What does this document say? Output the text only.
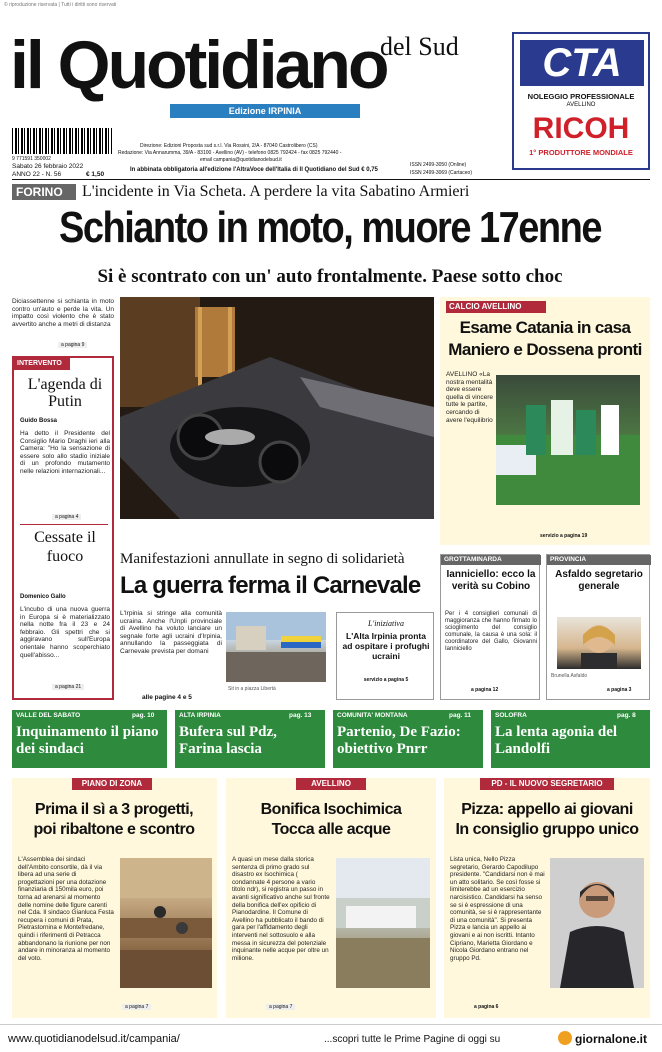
© riproduzione riservata | Tutti i diritti sono riservati
il Quotidiano
del Sud
Edizione IRPINIA
CTA
NOLEGGIO PROFESSIONALE
AVELLINO
RICOH
1° PRODUTTORE MONDIALE
9 771591 350002
Sabato 26 febbraio 2022
ANNO 22 - N. 56	€ 1,50
Direzione: Edizioni Proposta sud s.r.l. Via Rossini, 2/A - 87040 Castrolibero (CS)
Redazione: Via Annarumma, 39/A - 83100 - Avellino (AV) - telefono 0825 792424 - fax 0825 792440 -
email campania@quotidianodelsud.it
In abbinata obbligatoria all'edizione l'AltraVoce dell'Italia di Il Quotidiano del Sud € 0,75
ISSN 2499-3050 (Online)
ISSN 2499-3069 (Cartaceo)
FORINO	L'incidente in Via Scheta. A perdere la vita Sabatino Armieri
Schianto in moto, muore 17enne
Si è scontrato con un' auto frontalmente. Paese sotto choc
Diciassettenne si schianta in moto contro un'auto e perde la vita. Un impatto così violento che è stato avvertito anche a metri di distanza
a pagina 9
INTERVENTO
L'agenda di Putin
Guido Bossa
Ha detto il Presidente del Consiglio Mario Draghi ieri alla Camera: "Ho la sensazione di essere solo allo stadio iniziale di un profondo mutamento nelle relazioni internazionali...
a pagina 4
Cessate il fuoco
Domenico Gallo
L'incubo di una nuova guerra in Europa si è materializzato nella notte fra il 23 e 24 febbraio. Gli spettri che si aggiravano sull'Europa orientale hanno scoperchiato quell'abisso...
a pagina 21
CALCIO AVELLINO
Esame Catania in casa Maniero e Dossena pronti
AVELLINO «La nostra mentalità deve essere quella di vincere tutte le partite, cercando di avere l'equilibrio
servizio a pagina 19
Manifestazioni annullate in segno di solidarietà
La guerra ferma il Carnevale
L'Irpinia si stringe alla comunità ucraina. Anche l'Unpli provinciale di Avellino ha voluto lanciare un segnale forte agli ucraini d'Irpinia, annullando la passeggiata di Carnevale prevista per domani
Sit in a piazza Libertà
alle pagine 4 e 5
L'iniziativa
L'Alta Irpinia pronta ad ospitare i profughi ucraini
servizio a pagina 5
GROTTAMINARDA
Ianniciello: ecco la verità su Cobino
Per i 4 consiglieri comunali di maggioranza che hanno firmato lo scioglimento del consiglio comunale, la causa è una sola: il coordinatore del Gallo, Giovanni Ianniciello
a pagina 12
PROVINCIA
Asfaldo segretario generale
Brunella Asfaldo
a pagina 3
VALLE DEL SABATO	pag. 10
Inquinamento il piano dei sindaci
ALTA IRPINIA	pag. 13
Bufera sul Pdz, Farina lascia
COMUNITA' MONTANA	pag. 11
Partenio, De Fazio: obiettivo Pnrr
SOLOFRA	pag. 8
La lenta agonia del Landolfi
PIANO DI ZONA
Prima il sì a 3 progetti,
poi ribaltone e scontro
L'Assemblea dei sindaci dell'Ambito consortile, dà il via libera ad una serie di progettazioni per una dotazione finanziaria di 150mila euro, poi torna ad arenarsi al momento delle nomine delle figure carenti nel Cda. Il sindaco Gianluca Festa recupera i comuni di Prata, Pietrastornina e Montefredane, quindi i riferimenti di Petracca abbandonano la riunione per non andare in minoranza al momento del voto.
a pagina 7
AVELLINO
Bonifica Isochimica
Tocca alle acque
A quasi un mese dalla storica sentenza di primo grado sul disastro ex Isochimica ( condannate 4 persone a vario titolo ndr), si registra un passo in avanti significativo anche sul fronte della bonifica dell'ex opificio di Pianodardine. Il Comune di Avellino ha pubblicato il bando di gara per l'affidamento degli interventi nel sottosuolo e alla messa in sicurezza del potenziale inquinante nelle acque per oltre un milione.
a pagina 7
PD - IL NUOVO SEGRETARIO
Pizza: appello ai giovani
In consiglio gruppo unico
Lista unica, Nello Pizza segretario, Gerardo Capodilupo presidente. "Candidarsi non è mai un atto solitario. Se così fosse si limiterebbe ad un esercizio narcisistico. Candidarsi ha senso se si è espressione di una comunità, se si è rappresentante di una comunità". Si presenta Pizza e lancia un appello ai giovani e ai non iscritti. Intanto Cipriano, Marietta Giordano e Nicola Giordano entrano nel gruppo Pd.
a pagina 6
www.quotidianodelsud.it/campania/	...scopri tutte le Prime Pagine di oggi su	giornalone.it
